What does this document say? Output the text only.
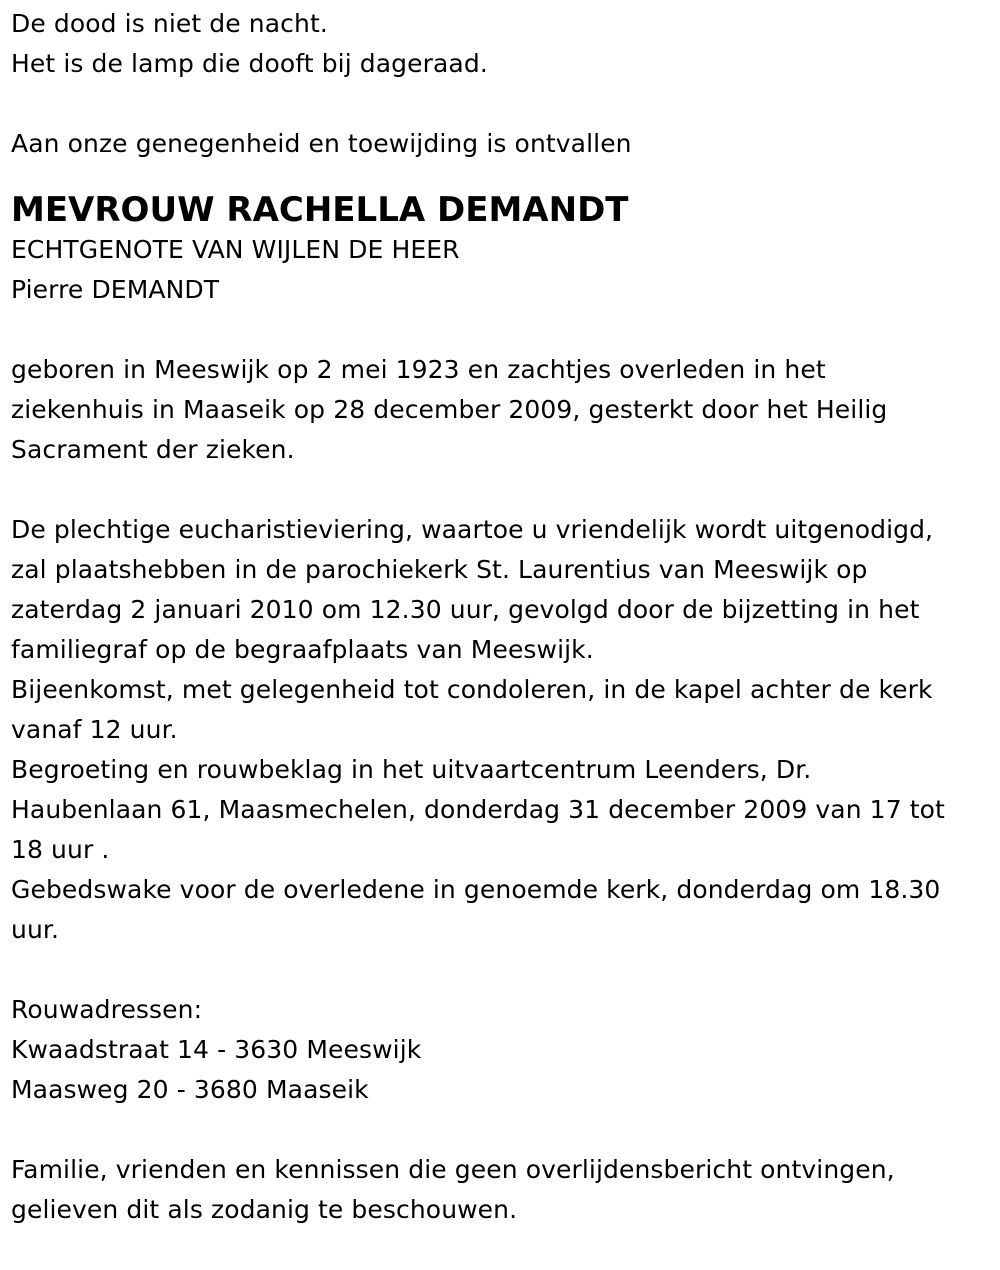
De dood is niet de nacht.
Het is de lamp die dooft bij dageraad.
Aan onze genegenheid en toewijding is ontvallen
MEVROUW RACHELLA DEMANDT
ECHTGENOTE VAN WIJLEN DE HEER
Pierre DEMANDT
geboren in Meeswijk op 2 mei 1923 en zachtjes overleden in het
ziekenhuis in Maaseik op 28 december 2009, gesterkt door het Heilig
Sacrament der zieken.
De plechtige eucharistieviering, waartoe u vriendelijk wordt uitgenodigd,
zal plaatshebben in de parochiekerk St. Laurentius van Meeswijk op
zaterdag 2 januari 2010 om 12.30 uur, gevolgd door de bijzetting in het
familiegraf op de begraafplaats van Meeswijk.
Bijeenkomst, met gelegenheid tot condoleren, in de kapel achter de kerk
vanaf 12 uur.
Begroeting en rouwbeklag in het uitvaartcentrum Leenders, Dr.
Haubenlaan 61, Maasmechelen, donderdag 31 december 2009 van 17 tot
18 uur .
Gebedswake voor de overledene in genoemde kerk, donderdag om 18.30
uur.
Rouwadressen:
Kwaadstraat 14 - 3630 Meeswijk
Maasweg 20 - 3680 Maaseik
Familie, vrienden en kennissen die geen overlijdensbericht ontvingen,
gelieven dit als zodanig te beschouwen.
